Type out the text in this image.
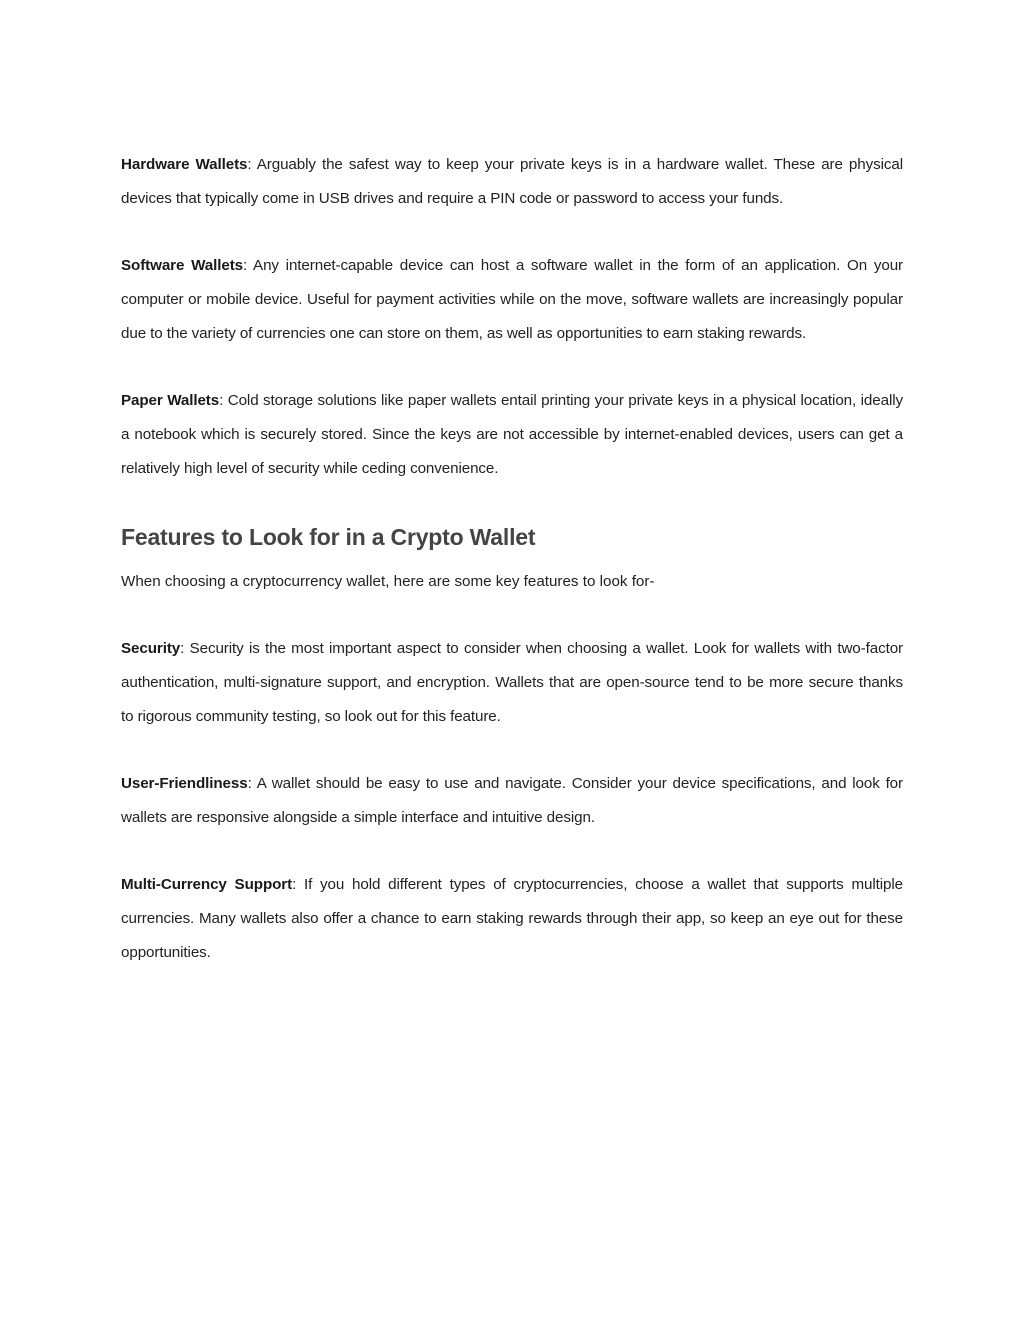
Hardware Wallets: Arguably the safest way to keep your private keys is in a hardware wallet. These are physical devices that typically come in USB drives and require a PIN code or password to access your funds.

Software Wallets: Any internet-capable device can host a software wallet in the form of an application. On your computer or mobile device. Useful for payment activities while on the move, software wallets are increasingly popular due to the variety of currencies one can store on them, as well as opportunities to earn staking rewards.

Paper Wallets: Cold storage solutions like paper wallets entail printing your private keys in a physical location, ideally a notebook which is securely stored. Since the keys are not accessible by internet-enabled devices, users can get a relatively high level of security while ceding convenience.

Features to Look for in a Crypto Wallet

When choosing a cryptocurrency wallet, here are some key features to look for-

Security: Security is the most important aspect to consider when choosing a wallet. Look for wallets with two-factor authentication, multi-signature support, and encryption. Wallets that are open-source tend to be more secure thanks to rigorous community testing, so look out for this feature.

User-Friendliness: A wallet should be easy to use and navigate. Consider your device specifications, and look for wallets are responsive alongside a simple interface and intuitive design.

Multi-Currency Support: If you hold different types of cryptocurrencies, choose a wallet that supports multiple currencies. Many wallets also offer a chance to earn staking rewards through their app, so keep an eye out for these opportunities.
